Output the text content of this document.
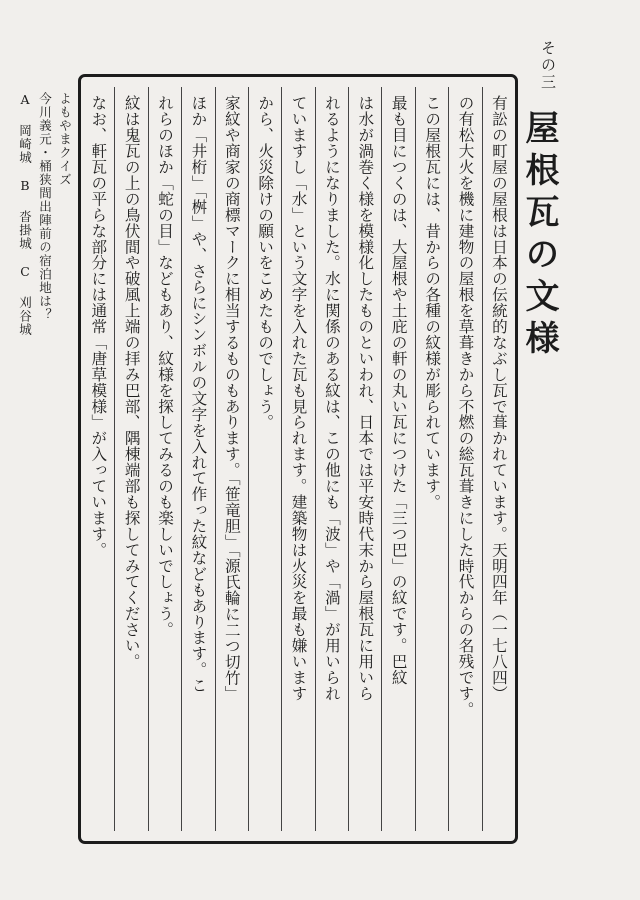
その三
屋根瓦の文様
有訟の町屋の屋根は日本の伝統的なぶし瓦で葺かれています。天明四年（一七八四）
の有松大火を機に建物の屋根を草葺きから不燃の総瓦葺きにした時代からの名残です。
この屋根瓦には、昔からの各種の紋様が彫られています。
最も目につくのは、大屋根や土庇の軒の丸い瓦につけた「三つ巴」の紋です。巴紋
は水が渦巻く様を模様化したものといわれ、日本では平安時代末から屋根瓦に用いら
れるようになりました。水に関係のある紋は、この他にも「波」や「渦」が用いられ
ていますし「水」という文字を入れた瓦も見られます。建築物は火災を最も嫌います
から、火災除けの願いをこめたものでしょう。
家紋や商家の商標マークに相当するものもあります。「笹竜胆」「源氏輪に二つ切竹」
ほか「井桁」「桝」や、さらにシンボルの文字を入れて作った紋などもあります。こ
れらのほか「蛇の目」などもあり、紋様を探してみるのも楽しいでしょう。
紋は鬼瓦の上の鳥伏間や破風上端の拝み巴部、隅棟端部も探してみてください。
なお、軒瓦の平らな部分には通常「唐草模様」が入っています。
よもやまクイズ
今川義元・桶狭間出陣前の宿泊地は？
A 岡崎城　B 沓掛城　C 刈谷城
